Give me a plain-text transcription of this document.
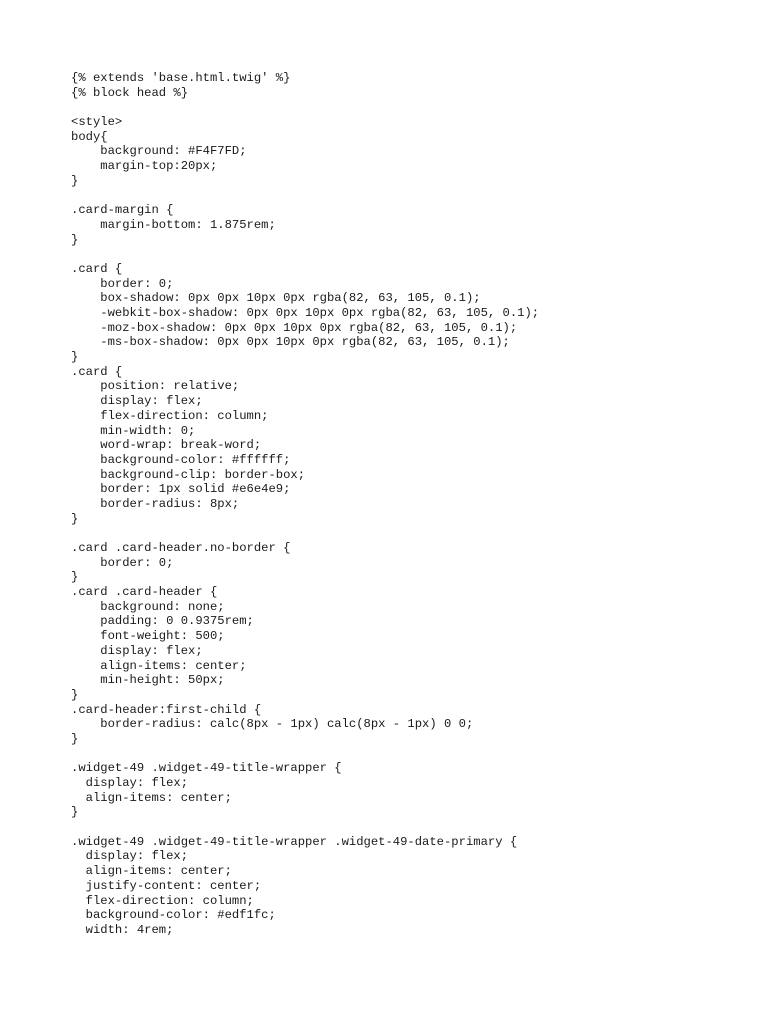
{% extends 'base.html.twig' %}
{% block head %}
<style>
body{
background: #F4F7FD;
margin-top:20px;
}
.card-margin {
margin-bottom: 1.875rem;
}
.card {
border: 0;
box-shadow: 0px 0px 10px 0px rgba(82, 63, 105, 0.1);
-webkit-box-shadow: 0px 0px 10px 0px rgba(82, 63, 105, 0.1);
-moz-box-shadow: 0px 0px 10px 0px rgba(82, 63, 105, 0.1);
-ms-box-shadow: 0px 0px 10px 0px rgba(82, 63, 105, 0.1);
}
.card {
position: relative;
display: flex;
flex-direction: column;
min-width: 0;
word-wrap: break-word;
background-color: #ffffff;
background-clip: border-box;
border: 1px solid #e6e4e9;
border-radius: 8px;
}
.card .card-header.no-border {
border: 0;
}
.card .card-header {
background: none;
padding: 0 0.9375rem;
font-weight: 500;
display: flex;
align-items: center;
min-height: 50px;
}
.card-header:first-child {
border-radius: calc(8px - 1px) calc(8px - 1px) 0 0;
}
.widget-49 .widget-49-title-wrapper {
display: flex;
align-items: center;
}
.widget-49 .widget-49-title-wrapper .widget-49-date-primary {
display: flex;
align-items: center;
justify-content: center;
flex-direction: column;
background-color: #edf1fc;
width: 4rem;
